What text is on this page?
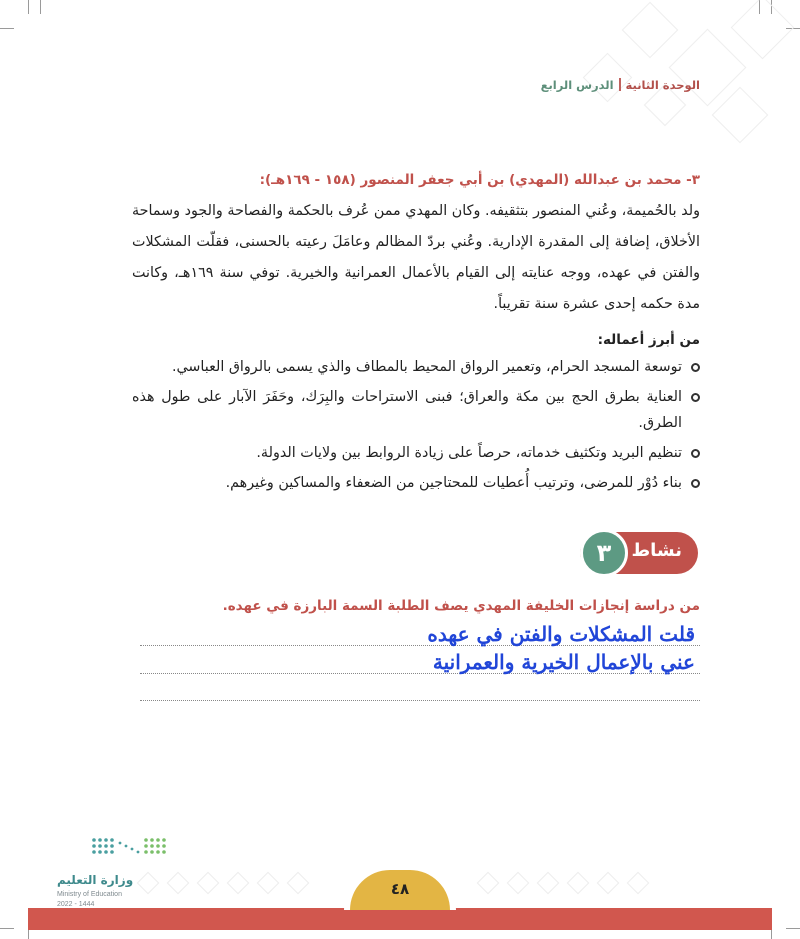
الوحدة الثانيةالدرس الرابع
٣- محمد بن عبدالله (المهدي) بن أبي جعفر المنصور (١٥٨ - ١٦٩هـ):

ولد بالحُميمة، وعُني المنصور بتثقيفه. وكان المهدي ممن عُرف بالحكمة والفصاحة والجود وسماحة الأخلاق، إضافة إلى المقدرة الإدارية. وعُني بردّ المظالم وعامَلَ رعيته بالحسنى، فقلّت المشكلات والفتن في عهده، ووجه عنايته إلى القيام بالأعمال العمرانية والخيرية. توفي سنة ١٦٩هـ، وكانت مدة حكمه إحدى عشرة سنة تقريباً.

من أبرز أعماله:
توسعة المسجد الحرام، وتعمير الرواق المحيط بالمطاف والذي يسمى بالرواق العباسي.
العناية بطرق الحج بين مكة والعراق؛ فبنى الاستراحات والبِرَك، وحَفَرَ الآبار على طول هذه الطرق.
تنظيم البريد وتكثيف خدماته، حرصاً على زيادة الروابط بين ولايات الدولة.
بناء دُوْر للمرضى، وترتيب أُعطيات للمحتاجين من الضعفاء والمساكين وغيرهم.
نشاط
٣
من دراسة إنجازات الخليفة المهدي يصف الطلبة السمة البارزة في عهده.
قلت المشكلات والفتن في عهده
عني بالإعمال الخيرية والعمرانية
وزارة التعليم
Ministry of Education
2022 - 1444
٤٨
